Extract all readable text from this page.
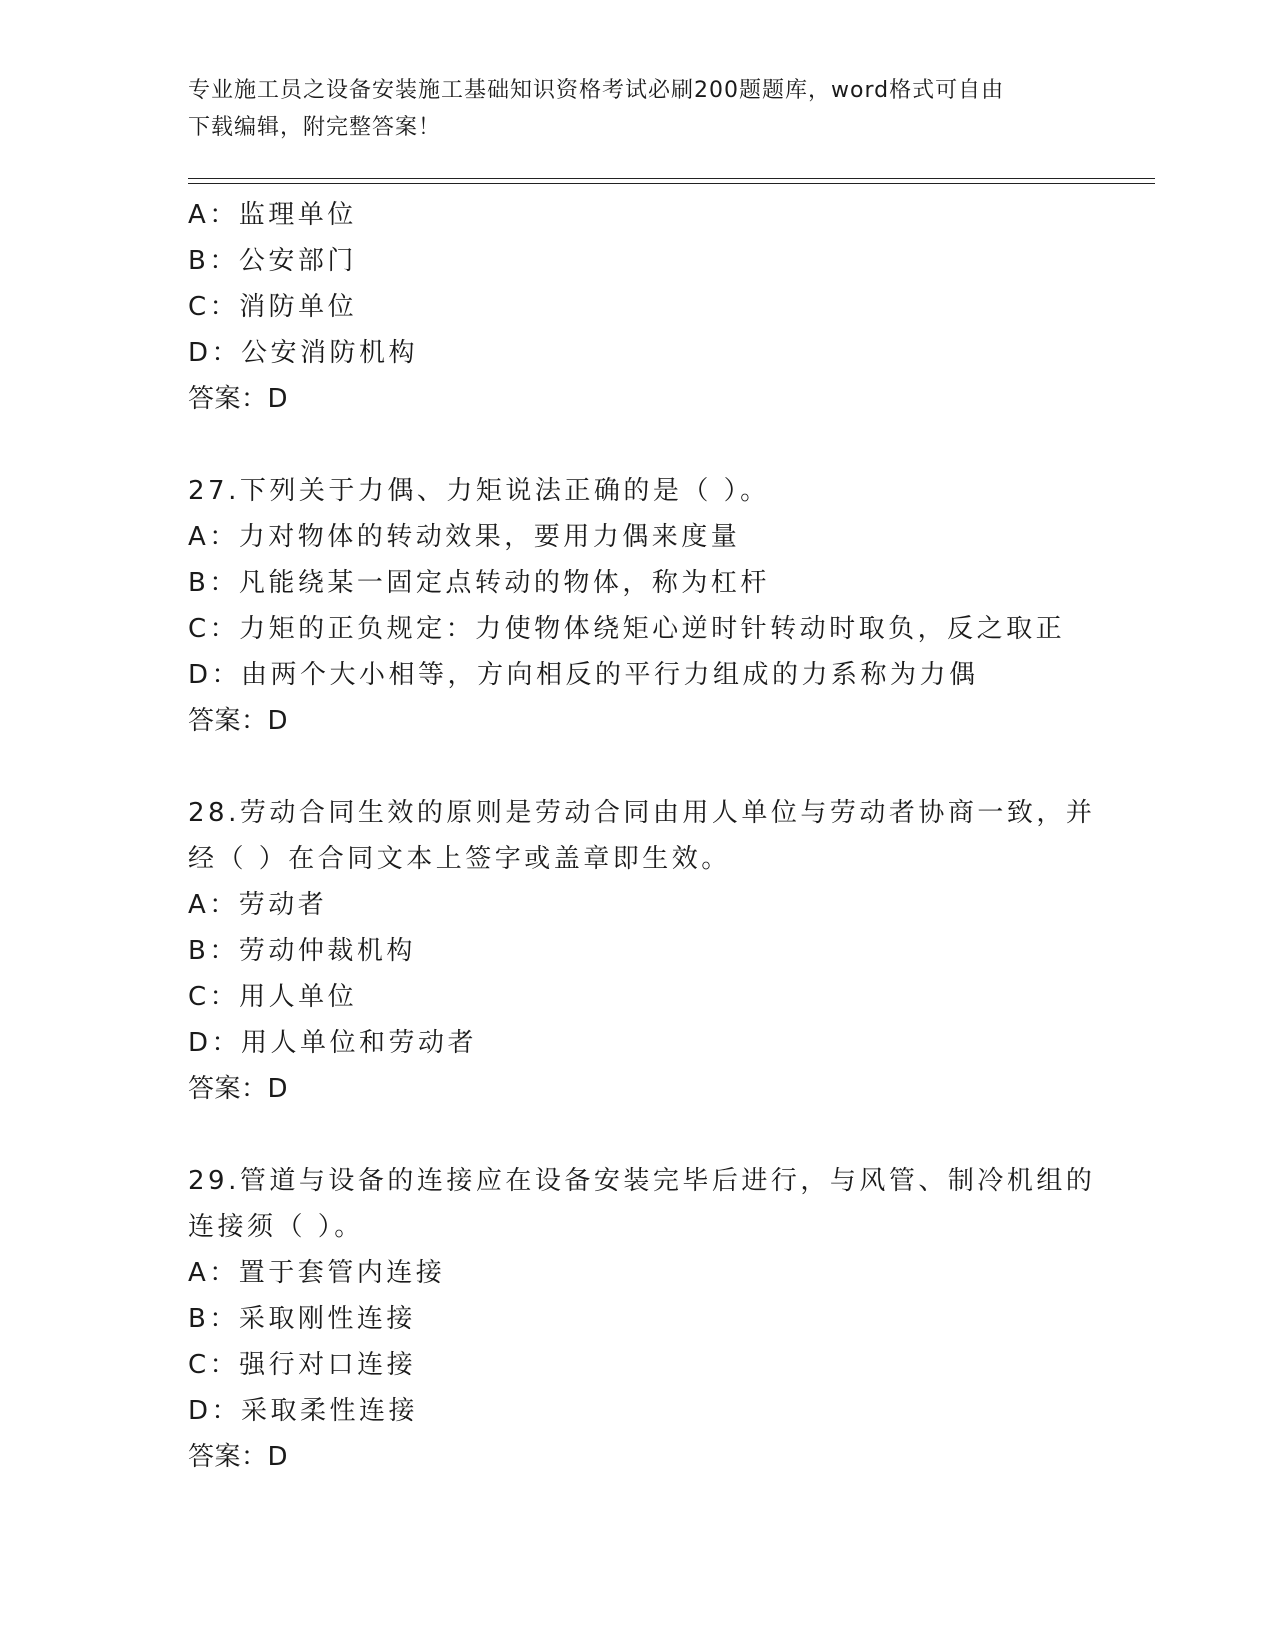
专业施工员之设备安装施工基础知识资格考试必刷200题题库，word格式可自由
下载编辑，附完整答案！
A：监理单位
B：公安部门
C：消防单位
D：公安消防机构
答案：D
27.下列关于力偶、力矩说法正确的是（ ）。
A：力对物体的转动效果，要用力偶来度量
B：凡能绕某一固定点转动的物体，称为杠杆
C：力矩的正负规定：力使物体绕矩心逆时针转动时取负，反之取正
D：由两个大小相等，方向相反的平行力组成的力系称为力偶
答案：D
28.劳动合同生效的原则是劳动合同由用人单位与劳动者协商一致，并
经（ ）在合同文本上签字或盖章即生效。
A：劳动者
B：劳动仲裁机构
C：用人单位
D：用人单位和劳动者
答案：D
29.管道与设备的连接应在设备安装完毕后进行，与风管、制冷机组的
连接须（ ）。
A：置于套管内连接
B：采取刚性连接
C：强行对口连接
D：采取柔性连接
答案：D
